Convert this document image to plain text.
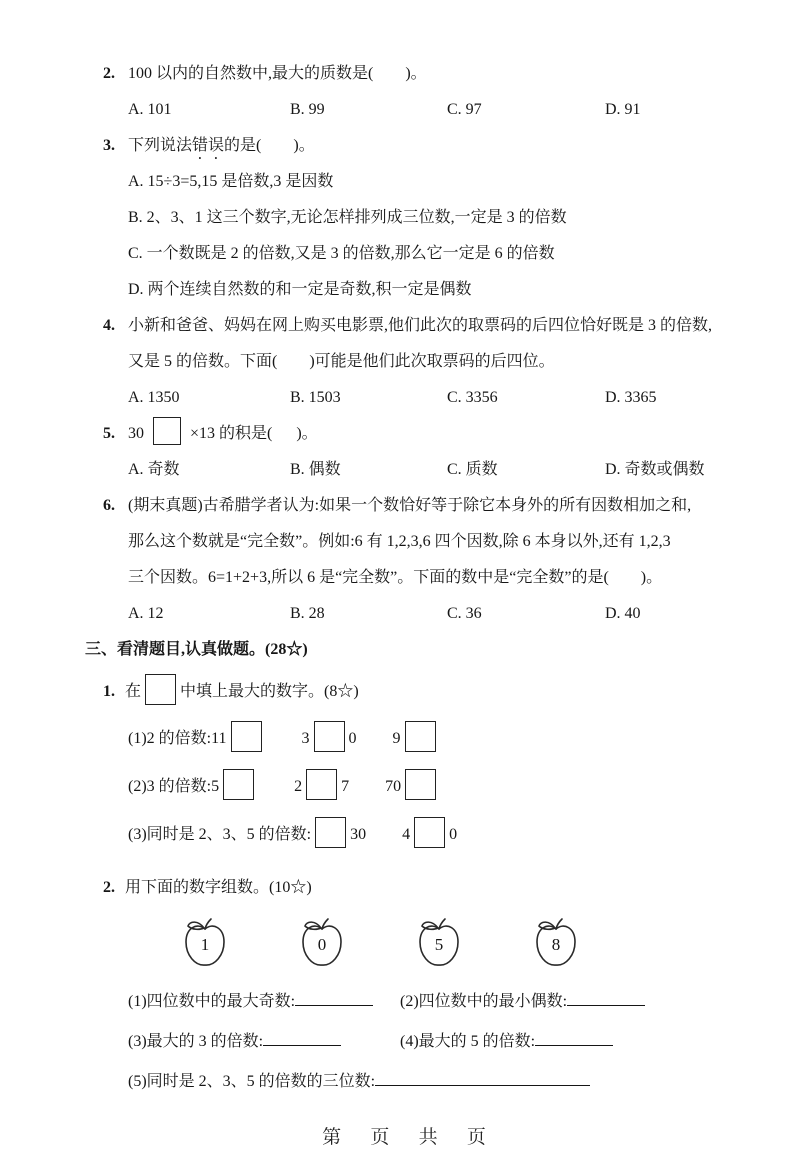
2. 100 以内的自然数中,最大的质数是(        )。
A. 101	B. 99	C. 97	D. 91
3. 下列说法错误的是(        )。
A. 15÷3=5,15 是倍数,3 是因数
B. 2、3、1 这三个数字,无论怎样排列成三位数,一定是 3 的倍数
C. 一个数既是 2 的倍数,又是 3 的倍数,那么它一定是 6 的倍数
D. 两个连续自然数的和一定是奇数,积一定是偶数
4. 小新和爸爸、妈妈在网上购买电影票,他们此次的取票码的后四位恰好既是 3 的倍数,
又是 5 的倍数。下面(        )可能是他们此次取票码的后四位。
A. 1350	B. 1503	C. 3356	D. 3365
5. 30  ×13 的积是(      )。
A. 奇数	B. 偶数	C. 质数	D. 奇数或偶数
6. (期末真题)古希腊学者认为:如果一个数恰好等于除它本身外的所有因数相加之和,
那么这个数就是“完全数”。例如:6 有 1,2,3,6 四个因数,除 6 本身以外,还有 1,2,3
三个因数。6=1+2+3,所以 6 是“完全数”。下面的数中是“完全数”的是(        )。
A. 12	B. 28	C. 36	D. 40
三、看清题目,认真做题。(28☆)
1. 在 中填上最大的数字。(8☆)
(1)2 的倍数:11	3 0 9
(2)3 的倍数:5	2 7 70
(3)同时是 2、3、5 的倍数: 30 4 0
2. 用下面的数字组数。(10☆)
1	0	5	8
(1)四位数中的最大奇数:	(2)四位数中的最小偶数:
(3)最大的 3 的倍数:	(4)最大的 5 的倍数:
(5)同时是 2、3、5 的倍数的三位数:
第 页 共 页
